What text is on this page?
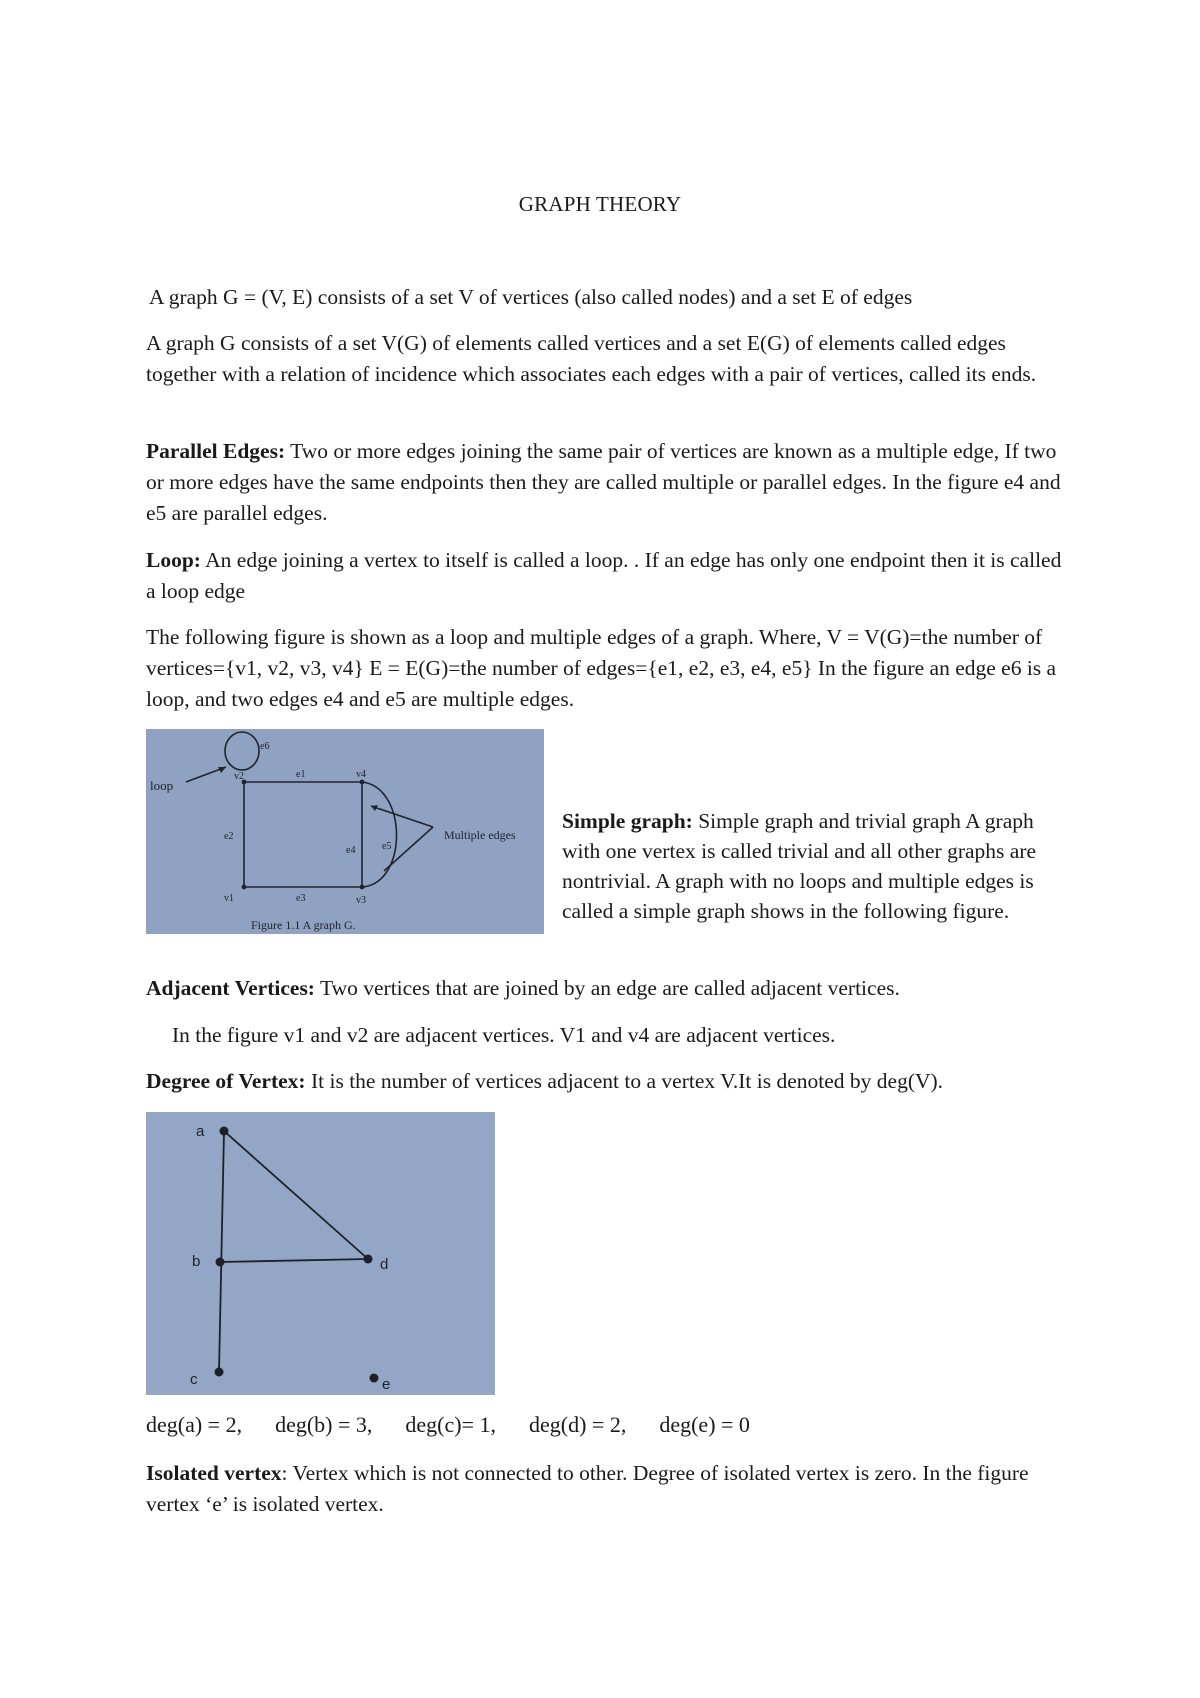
GRAPH THEORY
A graph G = (V, E) consists of a set V of vertices (also called nodes) and a set E of edges
A graph G consists of a set V(G) of elements called vertices and a set E(G) of elements called edges together with a relation of incidence which associates each edges with a pair of vertices, called its ends.
Parallel Edges: Two or more edges joining the same pair of vertices are known as a multiple edge, If two or more edges have the same endpoints then they are called multiple or parallel edges. In the figure e4 and e5 are parallel edges.
Loop: An edge joining a vertex to itself is called a loop. . If an edge has only one endpoint then it is called a loop edge
The following figure is shown as a loop and multiple edges of a graph. Where, V = V(G)=the number of vertices={v1, v2, v3, v4} E = E(G)=the number of edges={e1, e2, e3, e4, e5} In the figure an edge e6 is a loop, and two edges e4 and e5 are multiple edges.
loop
Multiple edges
v2	v4
v3
v1
e1
e2
e3
e4	e5
e6
Figure 1.1 A graph G.
Simple graph: Simple graph and trivial graph A graph with one vertex is called trivial and all other graphs are nontrivial. A graph with no loops and multiple edges is called a simple graph shows in the following figure.
Adjacent Vertices: Two vertices that are joined by an edge are called adjacent vertices.
In the figure v1 and v2 are adjacent vertices. V1 and v4 are adjacent vertices.
Degree of Vertex: It is the number of vertices adjacent to a vertex V.It is denoted by deg(V).
a
b
c
d
e
deg(a) = 2, deg(b) = 3, deg(c)= 1, deg(d) = 2, deg(e) = 0
Isolated vertex: Vertex which is not connected to other. Degree of isolated vertex is zero. In the figure vertex ‘e’ is isolated vertex.
